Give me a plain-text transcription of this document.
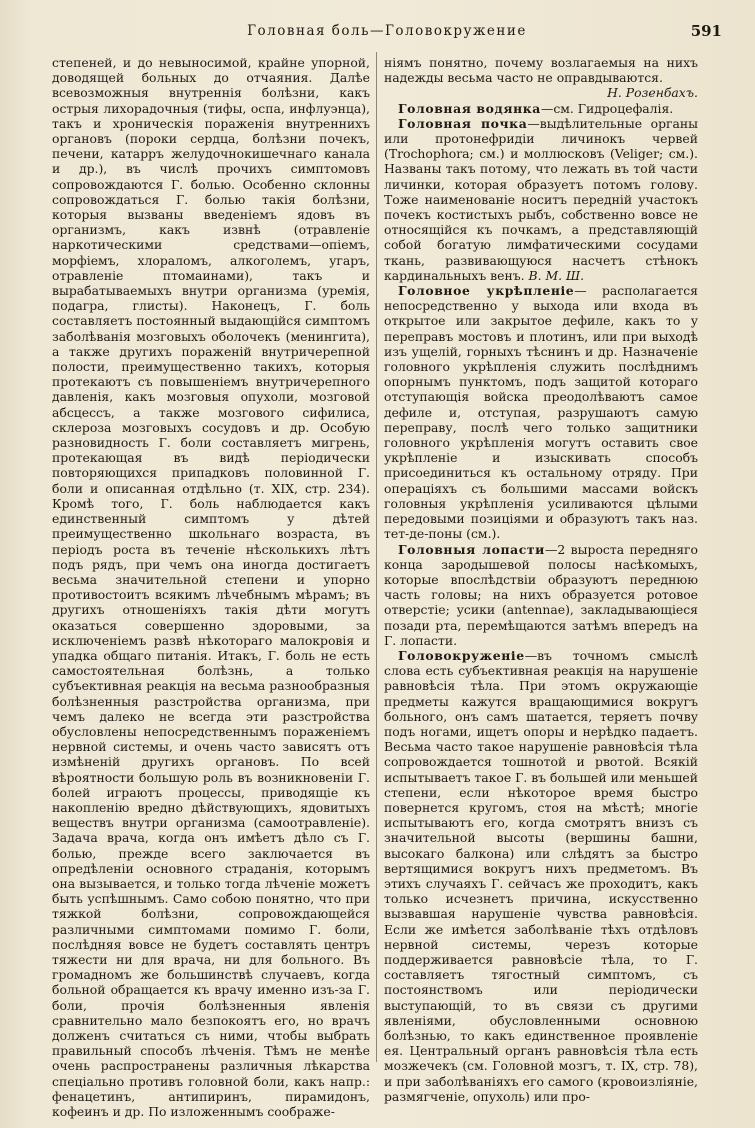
Головная боль—Головокружение	591

степеней, и до невыносимой, крайне упорной, доводящей больных до отчаяния. Далѣе всевозможныя внутреннія болѣзни, какъ острыя лихорадочныя (тифы, оспа, инфлуэнца), такъ и хроническія пораженія внутреннихъ органовъ (пороки сердца, болѣзни почекъ, печени, катарръ желудочнокишечнаго канала и др.), въ числѣ прочихъ симптомовъ сопровождаются Г. болью. Особенно склонны сопровождаться Г. болью такія болѣзни, которыя вызваны введеніемъ ядовъ въ организмъ, какъ извнѣ (отравленіе наркотическими средствами—опіемъ, морфіемъ, хлораломъ, алкоголемъ, угаръ, отравленіе птомаинами), такъ и вырабатываемыхъ внутри организма (уремія, подагра, глисты). Наконецъ, Г. боль составляетъ постоянный выдающійся симптомъ заболѣванія мозговыхъ оболочекъ (менингита), а также другихъ пораженій внутричерепной полости, преимущественно такихъ, которыя протекаютъ съ повышеніемъ внутричерепного давленія, какъ мозговыя опухоли, мозговой абсцессъ, а также мозгового сифилиса, склероза мозговыхъ сосудовъ и др. Особую разновидность Г. боли составляетъ мигрень, протекающая въ видѣ періодически повторяющихся припадковъ половинной Г. боли и описанная отдѣльно (т. XIX, стр. 234). Кромѣ того, Г. боль наблюдается какъ единственный симптомъ у дѣтей преимущественно школьнаго возраста, въ періодъ роста въ теченіе нѣсколькихъ лѣтъ подъ рядъ, при чемъ она иногда достигаетъ весьма значительной степени и упорно противостоитъ всякимъ лѣчебнымъ мѣрамъ; въ другихъ отношеніяхъ такія дѣти могутъ оказаться совершенно здоровыми, за исключеніемъ развѣ нѣкотораго малокровія и упадка общаго питанія. Итакъ, Г. боль не есть самостоятельная болѣзнь, а только субъективная реакція на весьма разнообразныя болѣзненныя разстройства организма, при чемъ далеко не всегда эти разстройства обусловлены непосредственнымъ пораженіемъ нервной системы, и очень часто зависятъ отъ измѣненій другихъ органовъ. По всей вѣроятности большую роль въ возникновеніи Г. болей играютъ процессы, приводящіе къ накопленію вредно дѣйствующихъ, ядовитыхъ веществъ внутри организма (самоотравленіе). Задача врача, когда онъ имѣетъ дѣло съ Г. болью, прежде всего заключается въ опредѣленіи основного страданія, которымъ она вызывается, и только тогда лѣченіе можетъ быть успѣшнымъ. Само собою понятно, что при тяжкой болѣзни, сопровождающейся различными симптомами помимо Г. боли, послѣдняя вовсе не будетъ составлять центръ тяжести ни для врача, ни для больного. Въ громадномъ же большинствѣ случаевъ, когда больной обращается къ врачу именно изъ-за Г. боли, прочія болѣзненныя явленія сравнительно мало безпокоятъ его, но врачъ долженъ считаться съ ними, чтобы выбрать правильный способъ лѣченія. Тѣмъ не менѣе очень распространены различныя лѣкарства спеціально противъ головной боли, какъ напр.: фенацетинъ, антипиринъ, пирамидонъ, кофеинъ и др. По изложеннымъ соображе-

ніямъ понятно, почему возлагаемыя на нихъ надежды весьма часто не оправдываются.

Н. Розенбахъ.

Головная водянка—см. Гидроцефалія.

Головная почка—выдѣлительные органы или протонефридіи личинокъ червей (Trochophora; см.) и моллюсковъ (Veliger; см.). Названы такъ потому, что лежать въ той части личинки, которая образуетъ потомъ голову. Тоже наименованіе носитъ передній участокъ почекъ костистыхъ рыбъ, собственно вовсе не относящійся къ почкамъ, а представляющій собой богатую лимфатическими сосудами ткань, развивающуюся насчетъ стѣнокъ кардинальныхъ венъ. В. М. Ш.

Головное укрѣпленіе— располагается непосредственно у выхода или входа въ открытое или закрытое дефиле, какъ то у переправъ мостовъ и плотинъ, или при выходѣ изъ ущелій, горныхъ тѣснинъ и др. Назначеніе головного укрѣпленія служить послѣднимъ опорнымъ пунктомъ, подъ защитой котораго отступающія войска преодолѣваютъ самое дефиле и, отступая, разрушаютъ самую переправу, послѣ чего только защитники головного укрѣпленія могутъ оставить свое укрѣпленіе и изыскивать способъ присоединиться къ остальному отряду. При операціяхъ съ большими массами войскъ головныя укрѣпленія усиливаются цѣлыми передовыми позиціями и образуютъ такъ наз. тет-де-поны (см.).

Головныя лопасти—2 выроста передняго конца зародышевой полосы насѣкомыхъ, которые впослѣдствіи образуютъ переднюю часть головы; на нихъ образуется ротовое отверстіе; усики (antennae), закладывающіеся позади рта, перемѣщаются затѣмъ впередъ на Г. лопасти.

Головокруженіе—въ точномъ смыслѣ слова есть субъективная реакція на нарушеніе равновѣсія тѣла. При этомъ окружающіе предметы кажутся вращающимися вокругъ больного, онъ самъ шатается, теряетъ почву подъ ногами, ищетъ опоры и нерѣдко падаетъ. Весьма часто такое нарушеніе равновѣсія тѣла сопровождается тошнотой и рвотой. Всякій испытываетъ такое Г. въ большей или меньшей степени, если нѣкоторое время быстро повернется кругомъ, стоя на мѣстѣ; многіе испытываютъ его, когда смотрятъ внизъ съ значительной высоты (вершины башни, высокаго балкона) или слѣдятъ за быстро вертящимися вокругъ нихъ предметомъ. Въ этихъ случаяхъ Г. сейчасъ же проходитъ, какъ только исчезнетъ причина, искусственно вызвавшая нарушеніе чувства равновѣсія. Если же имѣется заболѣваніе тѣхъ отдѣловъ нервной системы, черезъ которые поддерживается равновѣсіе тѣла, то Г. составляетъ тягостный симптомъ, съ постоянствомъ или періодически выступающій, то въ связи съ другими явленіями, обусловленными основною болѣзнью, то какъ единственное проявленіе ея. Центральный органъ равновѣсія тѣла есть мозжечекъ (см. Головной мозгъ, т. IX, стр. 78), и при заболѣваніяхъ его самого (кровоизліяніе, размягченіе, опухоль) или про-
